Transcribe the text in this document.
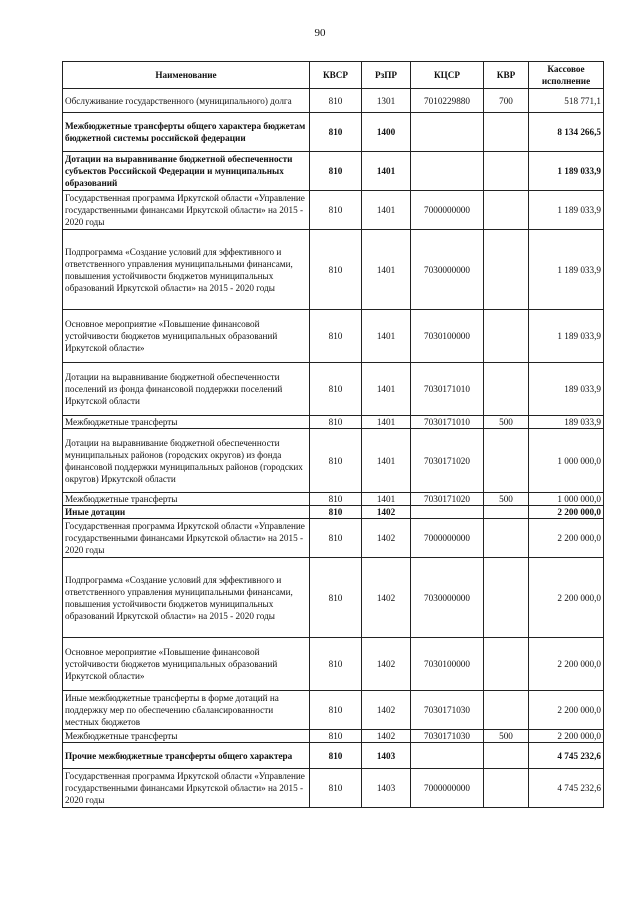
90
Наименование	КВСР	РзПР	КЦСР	КВР	Кассовое исполнение
Обслуживание государственного (муниципального) долга	810	1301	7010229880	700	518 771,1
Межбюджетные трансферты общего характера бюджетам бюджетной системы российской федерации	810	1400			8 134 266,5
Дотации на выравнивание бюджетной обеспеченности субъектов Российской Федерации и муниципальных образований	810	1401			1 189 033,9
Государственная программа Иркутской области «Управление государственными финансами Иркутской области» на 2015 - 2020 годы	810	1401	7000000000		1 189 033,9
Подпрограмма «Создание условий для эффективного и ответственного управления муниципальными финансами, повышения устойчивости бюджетов муниципальных образований Иркутской области» на 2015 - 2020 годы	810	1401	7030000000		1 189 033,9
Основное мероприятие «Повышение финансовой устойчивости бюджетов муниципальных образований Иркутской области»	810	1401	7030100000		1 189 033,9
Дотации на выравнивание бюджетной обеспеченности поселений из фонда финансовой поддержки поселений Иркутской области	810	1401	7030171010		189 033,9
Межбюджетные трансферты	810	1401	7030171010	500	189 033,9
Дотации на выравнивание бюджетной обеспеченности муниципальных районов (городских округов) из фонда финансовой поддержки муниципальных районов (городских округов) Иркутской области	810	1401	7030171020		1 000 000,0
Межбюджетные трансферты	810	1401	7030171020	500	1 000 000,0
Иные дотации	810	1402			2 200 000,0
Государственная программа Иркутской области «Управление государственными финансами Иркутской области» на 2015 - 2020 годы	810	1402	7000000000		2 200 000,0
Подпрограмма «Создание условий для эффективного и ответственного управления муниципальными финансами, повышения устойчивости бюджетов муниципальных образований Иркутской области» на 2015 - 2020 годы	810	1402	7030000000		2 200 000,0
Основное мероприятие «Повышение финансовой устойчивости бюджетов муниципальных образований Иркутской области»	810	1402	7030100000		2 200 000,0
Иные межбюджетные трансферты в форме дотаций на поддержку мер по обеспечению сбалансированности местных бюджетов	810	1402	7030171030		2 200 000,0
Межбюджетные трансферты	810	1402	7030171030	500	2 200 000,0
Прочие межбюджетные трансферты общего характера	810	1403			4 745 232,6
Государственная программа Иркутской области «Управление государственными финансами Иркутской области» на 2015 - 2020 годы	810	1403	7000000000		4 745 232,6
